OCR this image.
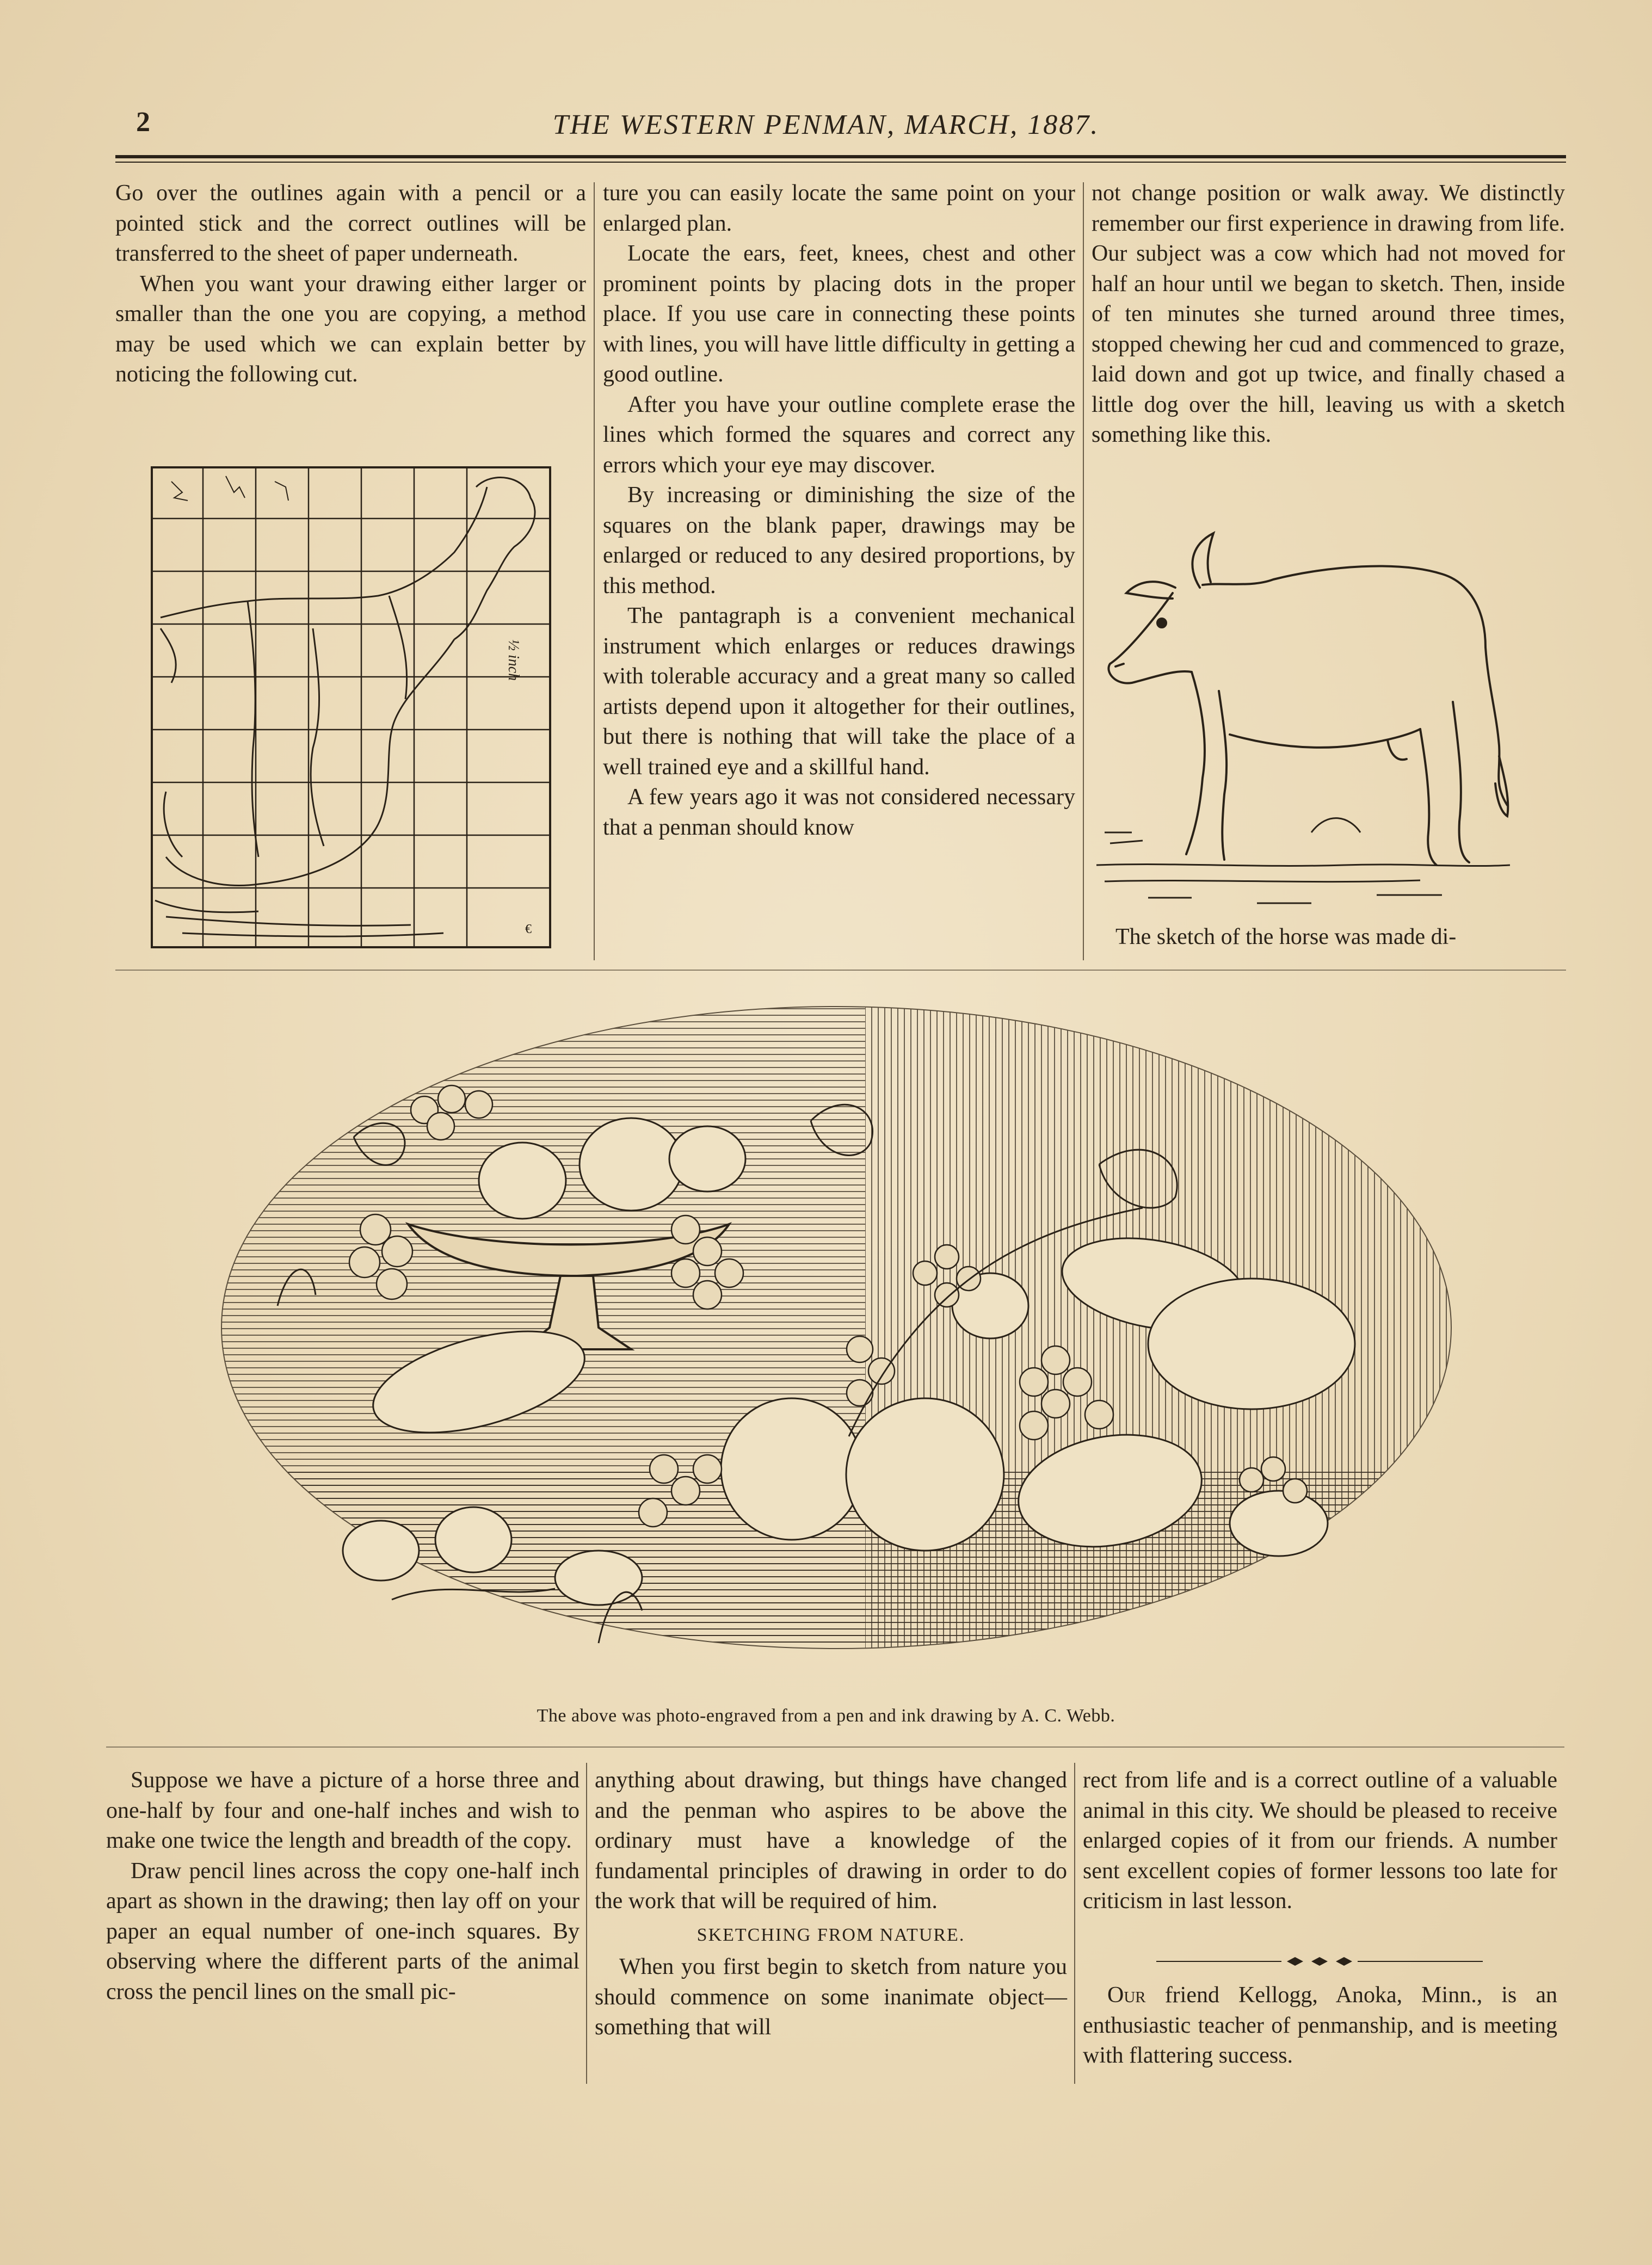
2	THE WESTERN PENMAN, MARCH, 1887.

Go over the outlines again with a pencil or a pointed stick and the correct outlines will be transferred to the sheet of paper underneath.

When you want your drawing either larger or smaller than the one you are copying, a method may be used which we can explain better by noticing the following cut.

½ inch
€

ture you can easily locate the same point on your enlarged plan.

Locate the ears, feet, knees, chest and other prominent points by placing dots in the proper place. If you use care in connecting these points with lines, you will have little difficulty in getting a good outline.

After you have your outline complete erase the lines which formed the squares and correct any errors which your eye may discover.

By increasing or diminishing the size of the squares on the blank paper, drawings may be enlarged or reduced to any desired proportions, by this method.

The pantagraph is a convenient mechanical instrument which enlarges or reduces drawings with tolerable accuracy and a great many so called artists depend upon it altogether for their outlines, but there is nothing that will take the place of a well trained eye and a skillful hand.

A few years ago it was not considered necessary that a penman should know

not change position or walk away. We distinctly remember our first experience in drawing from life. Our subject was a cow which had not moved for half an hour until we began to sketch. Then, inside of ten minutes she turned around three times, stopped chewing her cud and commenced to graze, laid down and got up twice, and finally chased a little dog over the hill, leaving us with a sketch something like this.

The sketch of the horse was made di-

The above was photo-engraved from a pen and ink drawing by A. C. Webb.

Suppose we have a picture of a horse three and one-half by four and one-half inches and wish to make one twice the length and breadth of the copy.

Draw pencil lines across the copy one-half inch apart as shown in the drawing; then lay off on your paper an equal number of one-inch squares. By observing where the different parts of the animal cross the pencil lines on the small pic-

anything about drawing, but things have changed and the penman who aspires to be above the ordinary must have a knowledge of the fundamental principles of drawing in order to do the work that will be required of him.

SKETCHING FROM NATURE.

When you first begin to sketch from nature you should commence on some inanimate object—something that will

rect from life and is a correct outline of a valuable animal in this city. We should be pleased to receive enlarged copies of it from our friends. A number sent excellent copies of former lessons too late for criticism in last lesson.

Our friend Kellogg, Anoka, Minn., is an enthusiastic teacher of penmanship, and is meeting with flattering success.
